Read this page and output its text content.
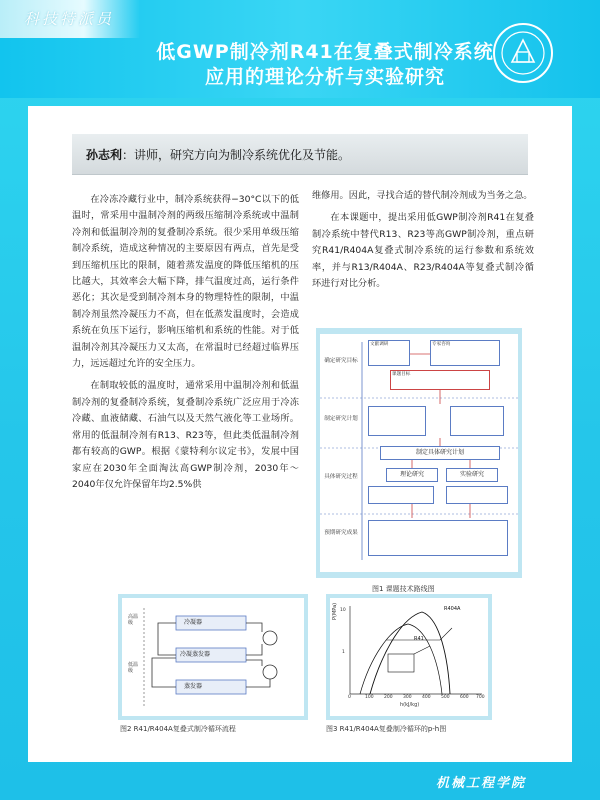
科技特派员
低GWP制冷剂R41在复叠式制冷系统
应用的理论分析与实验研究
孙志利：讲师，研究方向为制冷系统优化及节能。

在冷冻冷藏行业中，制冷系统获得−30°C以下的低温时，常采用中温制冷剂的两级压缩制冷系统或中温制冷剂和低温制冷剂的复叠制冷系统。很少采用单级压缩制冷系统，造成这种情况的主要原因有两点，首先是受到压缩机压比的限制，随着蒸发温度的降低压缩机的压比越大，其效率会大幅下降，排气温度过高，运行条件恶化；其次是受到制冷剂本身的物理特性的限制，中温制冷剂虽然冷凝压力不高，但在低蒸发温度时，会造成系统在负压下运行，影响压缩机和系统的性能。对于低温制冷剂其冷凝压力又太高，在常温时已经超过临界压力，远远超过允许的安全压力。

在制取较低的温度时，通常采用中温制冷剂和低温制冷剂的复叠制冷系统，复叠制冷系统广泛应用于冷冻冷藏、血液储藏、石油气以及天然气液化等工业场所。常用的低温制冷剂有R13、R23等，但此类低温制冷剂都有较高的GWP。根据《蒙特利尔议定书》，发展中国家应在2030年全面淘汰高GWP制冷剂，2030年～2040年仅允许保留年均2.5%供

维修用。因此，寻找合适的替代制冷剂成为当务之急。

在本课题中，提出采用低GWP制冷剂R41在复叠制冷系统中替代R13、R23等高GWP制冷剂，重点研究R41/R404A复叠式制冷系统的运行参数和系统效率，并与R13/R404A、R23/R404A等复叠式制冷循环进行对比分析。

确定研究目标
制定研究计划
具体研究过程
预期研究成果
文献调研	专家咨询
课题目标
制定具体研究计划
理论研究	实验研究
图1 课题技术路线图
冷凝器
冷凝蒸发器
蒸发器
高温级
低温级
图2 R41/R404A复叠式制冷循环流程
P(MPa)
h(kJ/kg)
R404A
R41
10
1
0	100 200 300 400 500 600 700
图3 R41/R404A复叠制冷循环的p-h图
机械工程学院
